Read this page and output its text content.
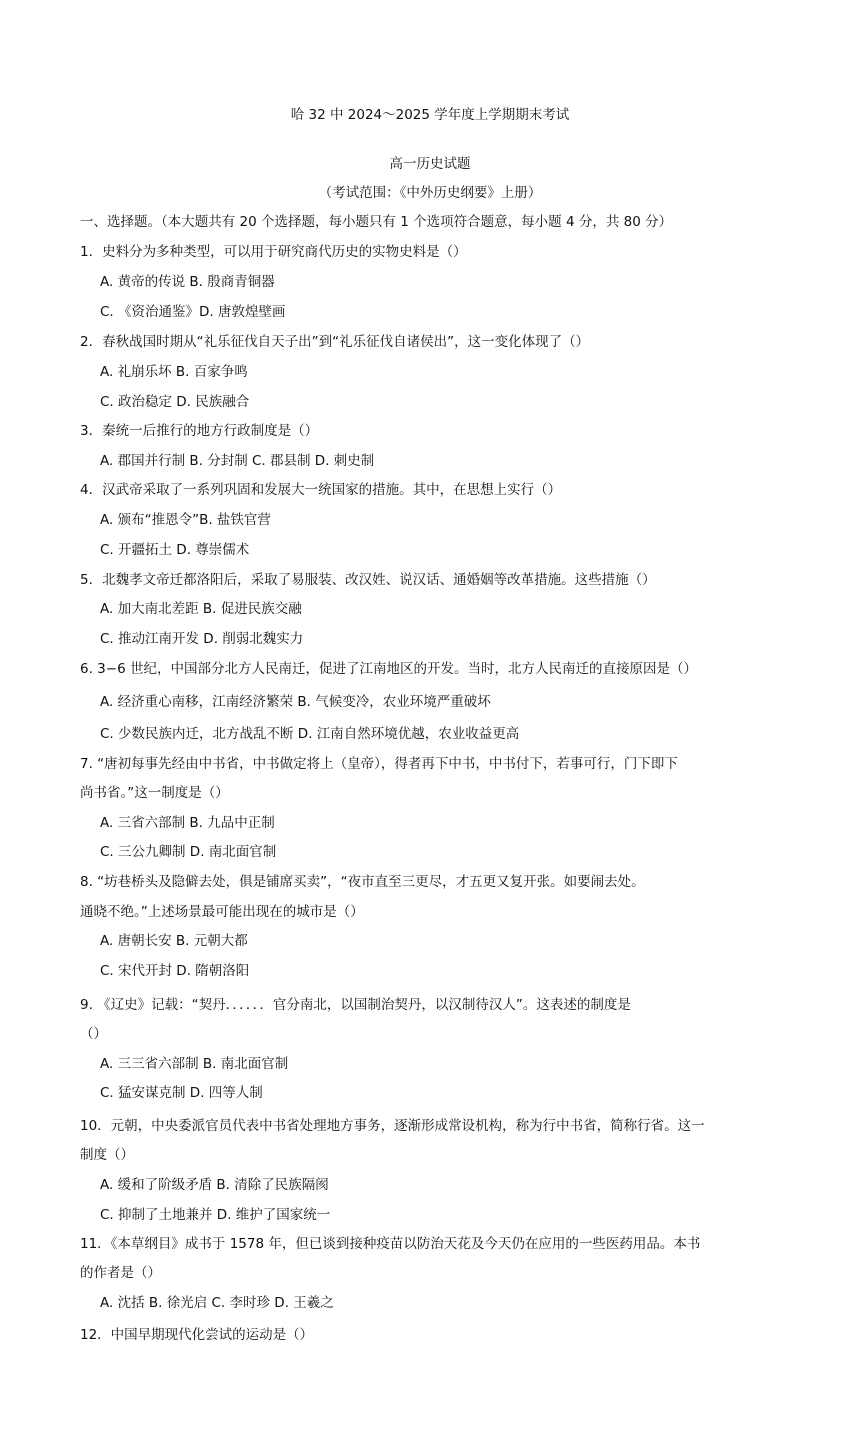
哈 32 中 2024～2025 学年度上学期期末考试
高一历史试题
（考试范围：《中外历史纲要》上册）
一、选择题。（本大题共有 20 个选择题，每小题只有 1 个选项符合题意，每小题 4 分，共 80 分）
1．史料分为多种类型，可以用于研究商代历史的实物史料是（）
A. 黄帝的传说 B. 殷商青铜器
C. 《资治通鉴》D. 唐敦煌壁画
2．春秋战国时期从“礼乐征伐自天子出”到“礼乐征伐自诸侯出”，这一变化体现了（）
A. 礼崩乐坏 B. 百家争鸣
C. 政治稳定 D. 民族融合
3．秦统一后推行的地方行政制度是（）
A. 郡国并行制 B. 分封制 C. 郡县制 D. 刺史制
4．汉武帝采取了一系列巩固和发展大一统国家的措施。其中，在思想上实行（）
A. 颁布“推恩令”B. 盐铁官营
C. 开疆拓土 D. 尊崇儒术
5．北魏孝文帝迁都洛阳后，采取了易服装、改汉姓、说汉话、通婚姻等改革措施。这些措施（）
A. 加大南北差距 B. 促进民族交融
C. 推动江南开发 D. 削弱北魏实力
6. 3−6 世纪，中国部分北方人民南迁，促进了江南地区的开发。当时，北方人民南迁的直接原因是（）
A. 经济重心南移，江南经济繁荣 B. 气候变冷，农业环境严重破坏
C. 少数民族内迁，北方战乱不断 D. 江南自然环境优越，农业收益更高
7. “唐初每事先经由中书省，中书做定将上（皇帝），得者再下中书，中书付下，若事可行，门下即下
尚书省。”这一制度是（）
A. 三省六部制 B. 九品中正制
C. 三公九卿制 D. 南北面官制
8. “坊巷桥头及隐僻去处，俱是铺席买卖”，“夜市直至三更尽，才五更又复开张。如要闹去处。
通晓不绝。”上述场景最可能出现在的城市是（）
A. 唐朝长安 B. 元朝大都
C. 宋代开封 D. 隋朝洛阳
9. 《辽史》记载：“契丹．．．．．．官分南北，以国制治契丹，以汉制待汉人”。这表述的制度是
（）
A. 三三省六部制 B. 南北面官制
C. 猛安谋克制 D. 四等人制
10．元朝，中央委派官员代表中书省处理地方事务，逐渐形成常设机构，称为行中书省，简称行省。这一
制度（）
A. 缓和了阶级矛盾 B. 清除了民族隔阂
C. 抑制了土地兼并 D. 维护了国家统一
11．《本草纲目》成书于 1578 年，但已谈到接种疫苗以防治天花及今天仍在应用的一些医药用品。本书
的作者是（）
A. 沈括 B. 徐光启 C. 李时珍 D. 王羲之
12．中国早期现代化尝试的运动是（）
